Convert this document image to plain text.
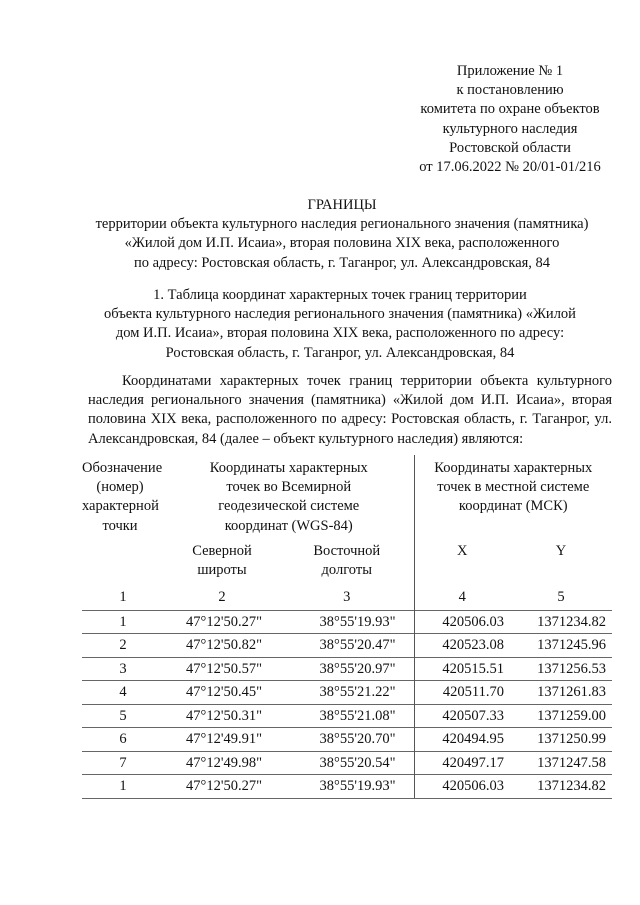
Приложение № 1
к постановлению
комитета по охране объектов
культурного наследия
Ростовской области
от 17.06.2022 № 20/01-01/216
ГРАНИЦЫ
территории объекта культурного наследия регионального значения (памятника)
«Жилой дом И.П. Исаиа», вторая половина XIX века, расположенного
по адресу: Ростовская область, г. Таганрог, ул. Александровская, 84
1. Таблица координат характерных точек границ территории
объекта культурного наследия регионального значения (памятника) «Жилой
дом И.П. Исаиа», вторая половина XIX века, расположенного по адресу:
Ростовская область, г. Таганрог, ул. Александровская, 84
Координатами характерных точек границ территории объекта культурного наследия регионального значения (памятника) «Жилой дом И.П. Исаиа», вторая половина XIX века, расположенного по адресу: Ростовская область, г. Таганрог, ул. Александровская, 84 (далее – объект культурного наследия) являются:
Обозначение (номер) характерной точки	Координаты характерных точек во Всемирной геодезической системе координат (WGS-84)		Координаты характерных точек в местной системе координат (МСК)	
	Северной широты	Восточной долготы	X	Y
1	2	3	4	5
1	47°12'50.27"	38°55'19.93"	420506.03	1371234.82
2	47°12'50.82"	38°55'20.47"	420523.08	1371245.96
3	47°12'50.57"	38°55'20.97"	420515.51	1371256.53
4	47°12'50.45"	38°55'21.22"	420511.70	1371261.83
5	47°12'50.31"	38°55'21.08"	420507.33	1371259.00
6	47°12'49.91"	38°55'20.70"	420494.95	1371250.99
7	47°12'49.98"	38°55'20.54"	420497.17	1371247.58
1	47°12'50.27"	38°55'19.93"	420506.03	1371234.82
